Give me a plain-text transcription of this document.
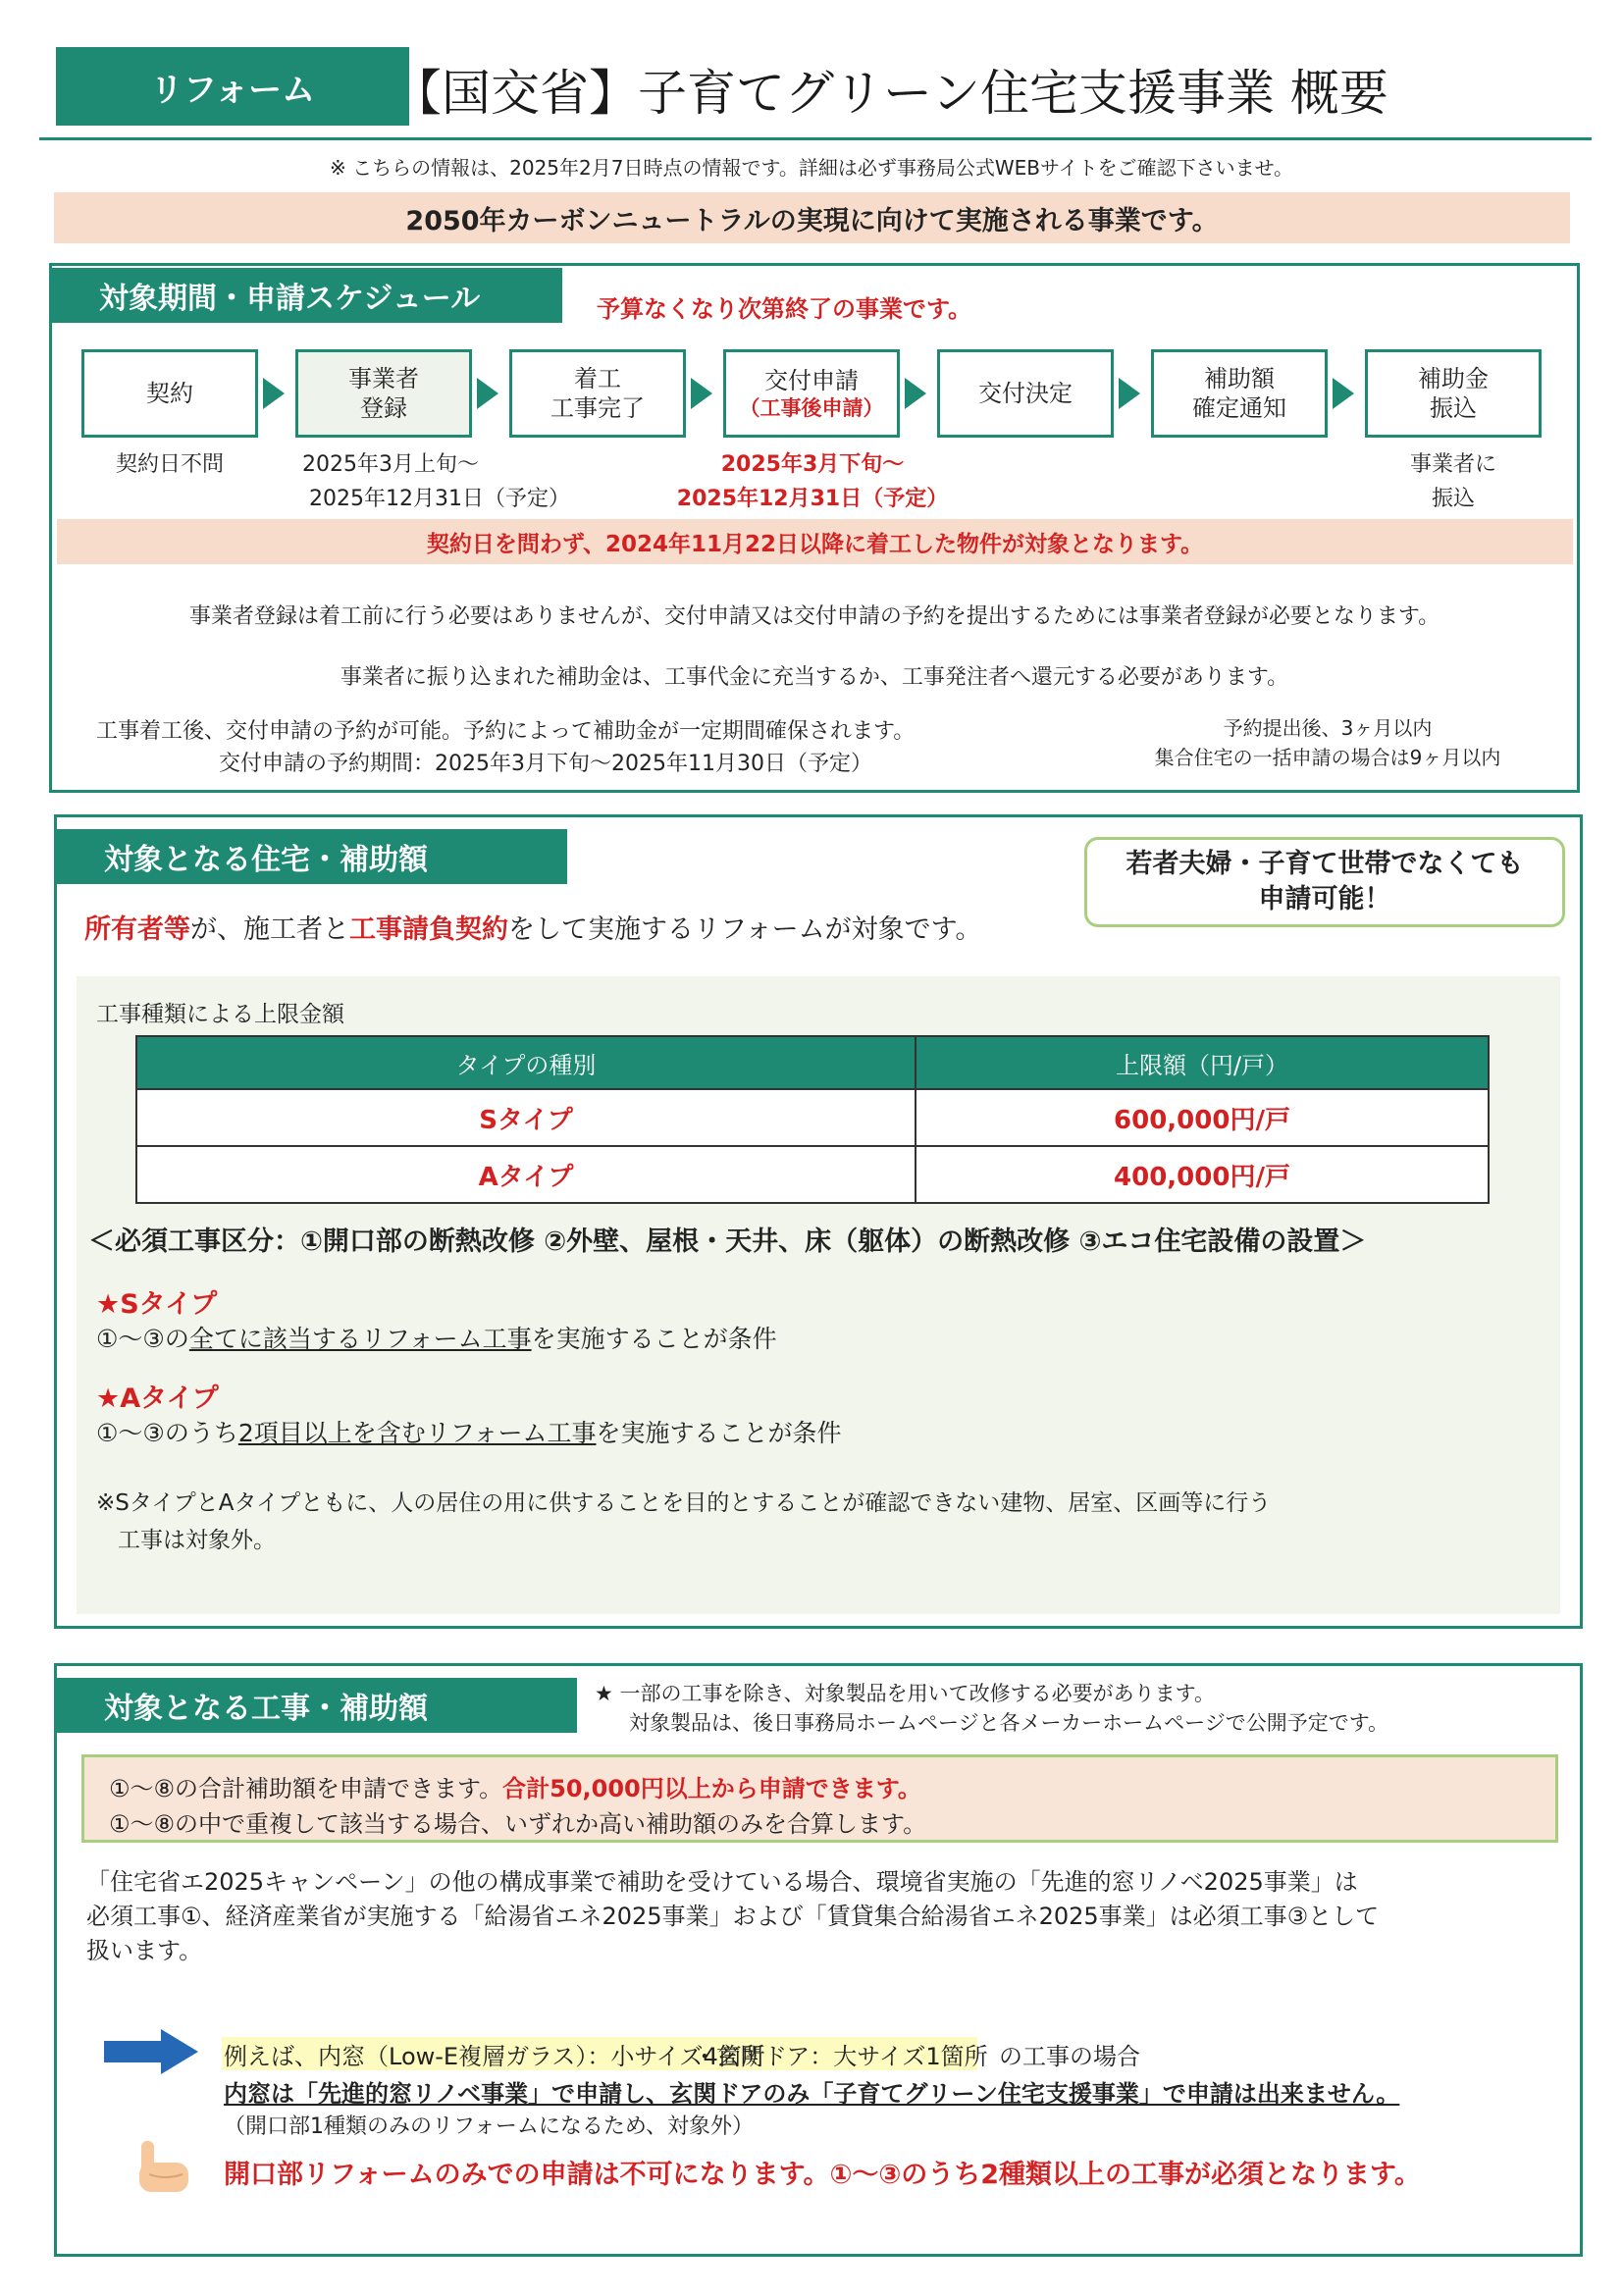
リフォーム 【国交省】子育てグリーン住宅支援事業 概要
※ こちらの情報は、2025年2月7日時点の情報です。詳細は必ず事務局公式WEBサイトをご確認下さいませ。
2050年カーボンニュートラルの実現に向けて実施される事業です。
対象期間・申請スケジュール	予算なくなり次第終了の事業です。
契約
事業者
登録
着工
工事完了
交付申請
（工事後申請）
交付決定
補助額
確定通知
補助金
振込
契約日不問	2025年3月上旬～
2025年12月31日（予定）
2025年3月下旬～
2025年12月31日（予定）
事業者に
振込
契約日を問わず、2024年11月22日以降に着工した物件が対象となります。
事業者登録は着工前に行う必要はありませんが、交付申請又は交付申請の予約を提出するためには事業者登録が必要となります。
事業者に振り込まれた補助金は、工事代金に充当するか、工事発注者へ還元する必要があります。
工事着工後、交付申請の予約が可能。予約によって補助金が一定期間確保されます。
交付申請の予約期間：2025年3月下旬～2025年11月30日（予定）
予約提出後、3ヶ月以内
集合住宅の一括申請の場合は9ヶ月以内
対象となる住宅・補助額	若者夫婦・子育て世帯でなくても
申請可能！
所有者等が、施工者と工事請負契約をして実施するリフォームが対象です。
工事種類による上限金額
タイプの種別	上限額（円/戸）
Sタイプ	600,000円/戸
Aタイプ	400,000円/戸
＜必須工事区分：①開口部の断熱改修 ②外壁、屋根・天井、床（躯体）の断熱改修 ③エコ住宅設備の設置＞
★Sタイプ
①～③の全てに該当するリフォーム工事を実施することが条件
★Aタイプ
①～③のうち2項目以上を含むリフォーム工事を実施することが条件
※SタイプとAタイプともに、人の居住の用に供することを目的とすることが確認できない建物、居室、区画等に行う
工事は対象外。
対象となる工事・補助額	★ 一部の工事を除き、対象製品を用いて改修する必要があります。
対象製品は、後日事務局ホームページと各メーカーホームページで公開予定です。
①～⑧の合計補助額を申請できます。合計50,000円以上から申請できます。
①～⑧の中で重複して該当する場合、いずれか高い補助額のみを合算します。
「住宅省エ2025キャンペーン」の他の構成事業で補助を受けている場合、環境省実施の「先進的窓リノベ2025事業」は
必須工事①、経済産業省が実施する「給湯省エネ2025事業」および「賃貸集合給湯省エネ2025事業」は必須工事③として
扱います。
例えば、内窓（Low-E複層ガラス）：小サイズ4箇所
・玄関ドア：大サイズ1箇所 の工事の場合
内窓は「先進的窓リノベ事業」で申請し、玄関ドアのみ「子育てグリーン住宅支援事業」で申請は出来ません。
（開口部1種類のみのリフォームになるため、対象外）
開口部リフォームのみでの申請は不可になります。①～③のうち2種類以上の工事が必須となります。
